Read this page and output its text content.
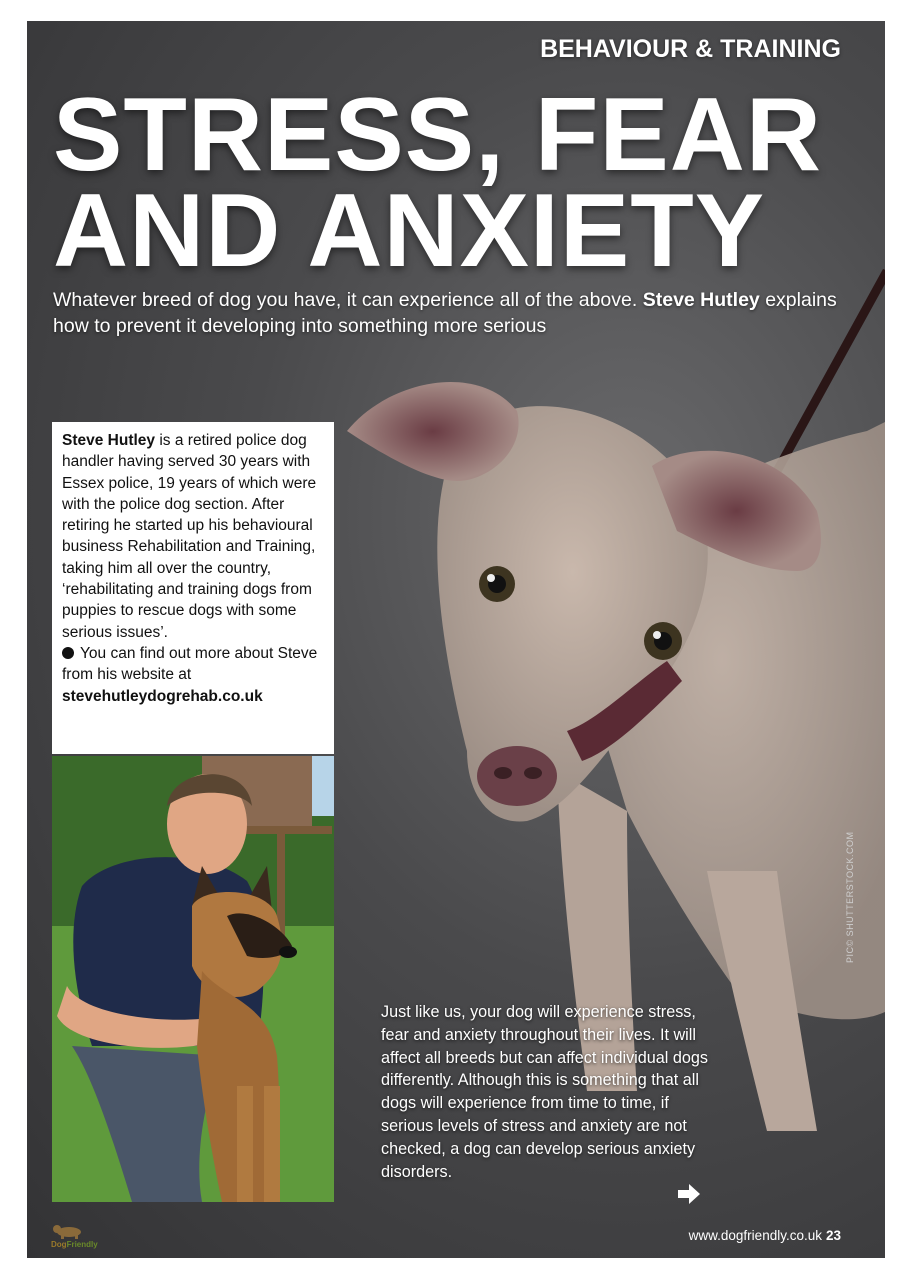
BEHAVIOUR & TRAINING
STRESS, FEAR
AND ANXIETY
Whatever breed of dog you have, it can experience all of the above. Steve Hutley explains how to prevent it developing into something more serious

Steve Hutley is a retired police dog handler having served 30 years with Essex police, 19 years of which were with the police dog section. After retiring he started up his behavioural business Rehabilitation and Training, taking him all over the country, ‘rehabilitating and training dogs from puppies to rescue dogs with some serious issues’.

You can find out more about Steve from his website at stevehutleydogrehab.co.uk

Just like us, your dog will experience stress, fear and anxiety throughout their lives. It will affect all breeds but can affect individual dogs differently. Although this is something that all dogs will experience from time to time, if serious levels of stress and anxiety are not checked, a dog can develop serious anxiety disorders.
PIC© SHUTTERSTOCK.COM
www.dogfriendly.co.uk 23
DogFriendly
